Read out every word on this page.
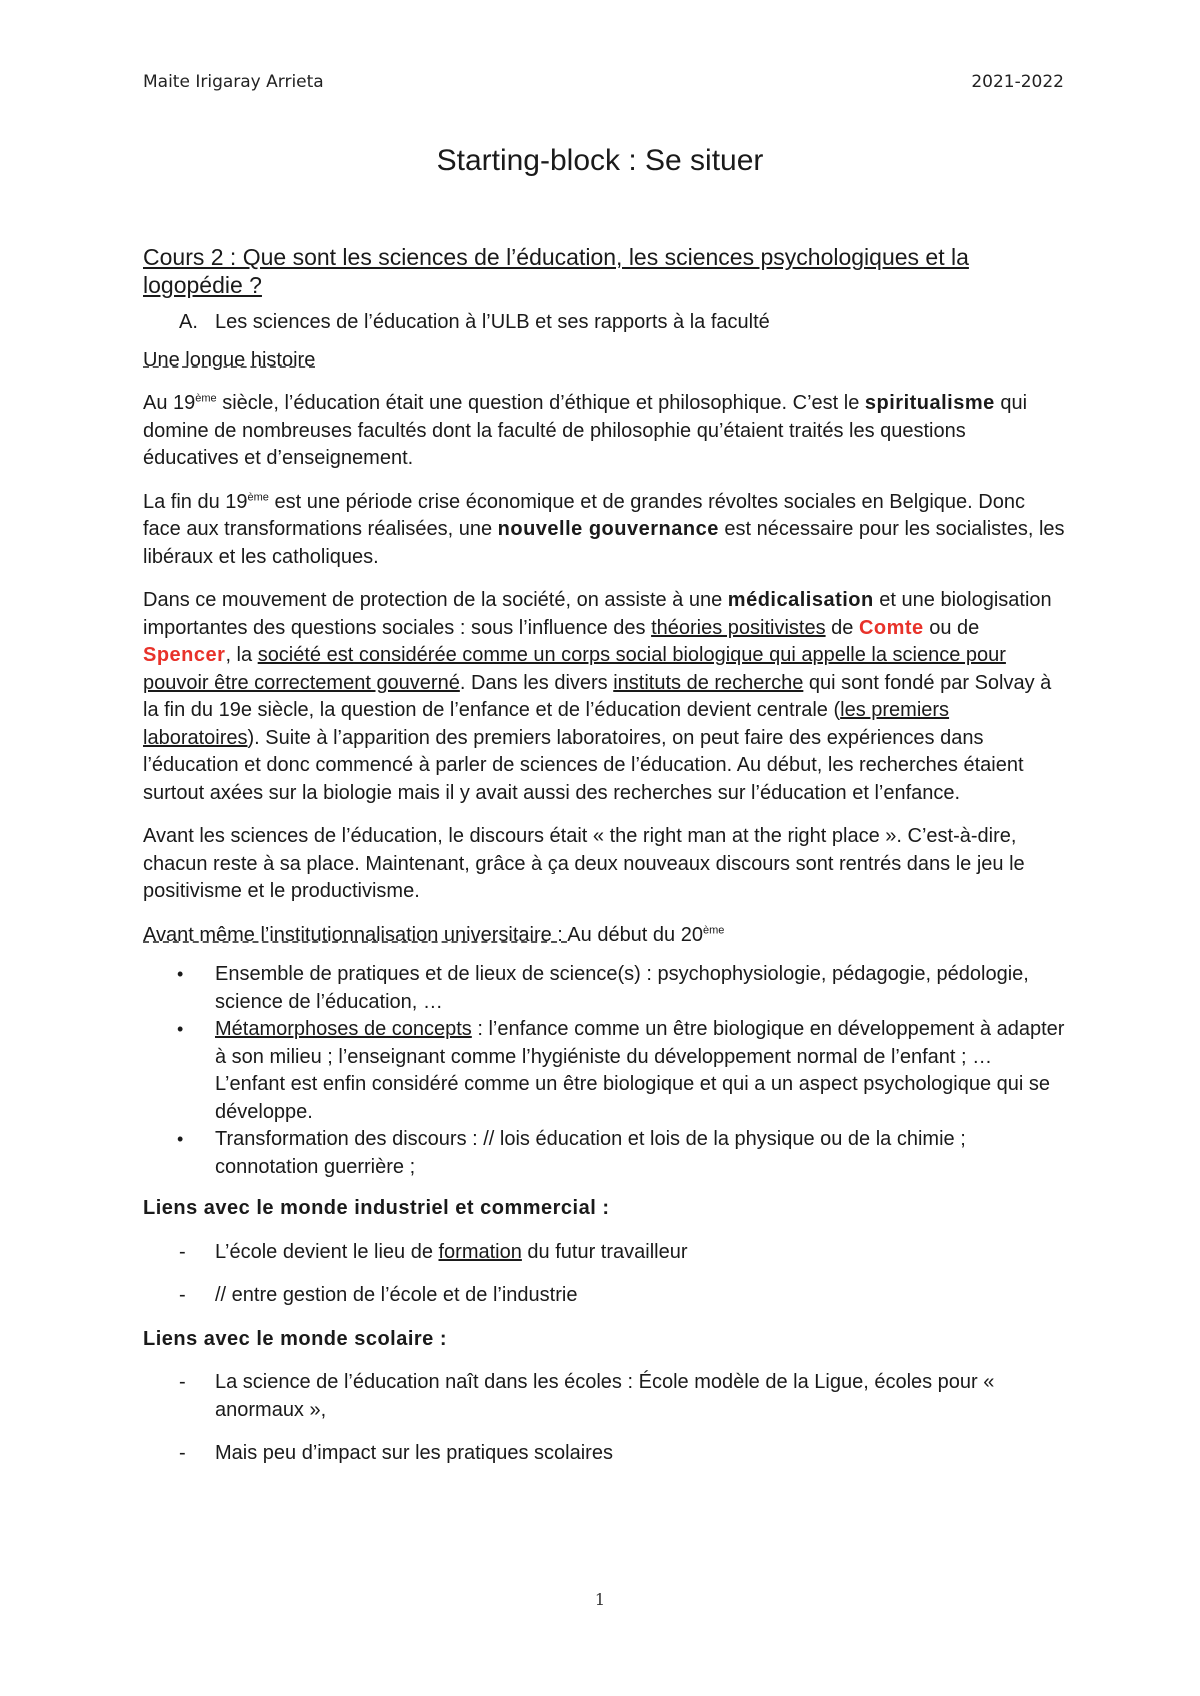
Maite Irigaray Arrieta	2021-2022
Starting-block : Se situer
Cours 2 : Que sont les sciences de l’éducation, les sciences psychologiques et la logopédie ?
A. Les sciences de l’éducation à l’ULB et ses rapports à la faculté

Une longue histoire

Au 19ème siècle, l’éducation était une question d’éthique et philosophique. C’est le spiritualisme qui domine de nombreuses facultés dont la faculté de philosophie qu’étaient traités les questions éducatives et d’enseignement.

La fin du 19ème est une période crise économique et de grandes révoltes sociales en Belgique. Donc face aux transformations réalisées, une nouvelle gouvernance est nécessaire pour les socialistes, les libéraux et les catholiques.

Dans ce mouvement de protection de la société, on assiste à une médicalisation et une biologisation importantes des questions sociales : sous l’influence des théories positivistes de Comte ou de Spencer, la société est considérée comme un corps social biologique qui appelle la science pour pouvoir être correctement gouverné. Dans les divers instituts de recherche qui sont fondé par Solvay à la fin du 19e siècle, la question de l’enfance et de l’éducation devient centrale (les premiers laboratoires). Suite à l’apparition des premiers laboratoires, on peut faire des expériences dans l’éducation et donc commencé à parler de sciences de l’éducation. Au début, les recherches étaient surtout axées sur la biologie mais il y avait aussi des recherches sur l’éducation et l’enfance.

Avant les sciences de l’éducation, le discours était « the right man at the right place ». C’est-à-dire, chacun reste à sa place. Maintenant, grâce à ça deux nouveaux discours sont rentrés dans le jeu le positivisme et le productivisme.

Avant même l’institutionnalisation universitaire : Au début du 20ème

• Ensemble de pratiques et de lieux de science(s) : psychophysiologie, pédagogie, pédologie, science de l’éducation, …
• Métamorphoses de concepts : l’enfance comme un être biologique en développement à adapter à son milieu ; l’enseignant comme l’hygiéniste du développement normal de l’enfant ; … L’enfant est enfin considéré comme un être biologique et qui a un aspect psychologique qui se développe.
• Transformation des discours : // lois éducation et lois de la physique ou de la chimie ; connotation guerrière ;
Liens avec le monde industriel et commercial :
- L’école devient le lieu de formation du futur travailleur
- // entre gestion de l’école et de l’industrie
Liens avec le monde scolaire :
- La science de l’éducation naît dans les écoles : École modèle de la Ligue, écoles pour « anormaux »,
- Mais peu d’impact sur les pratiques scolaires
1
